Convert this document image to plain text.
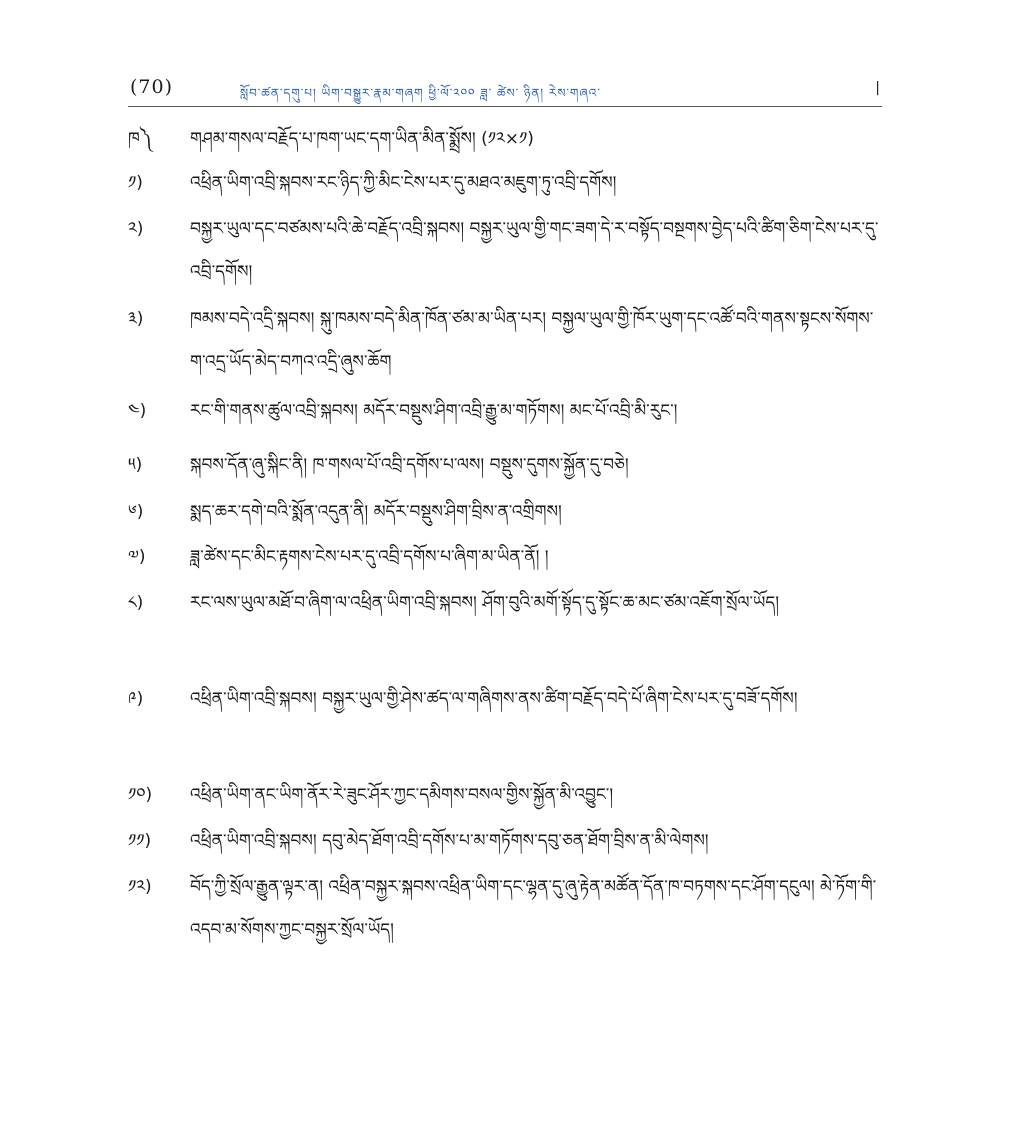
(70)	སློབ་ཚན་དགུ་པ། ཡིག་བསྒྱུར་རྣམ་གཞག ཕྱི་ལོ་༢༠༠ ཟླ་ ཚེས་ ཉིན། རེས་གཞའ་	|
ཁ༽	གཤམ་གསལ་བརྗོད་པ་ཁག་ཡང་དག་ཡིན་མིན་སྨྲོས། (༡༢×༡)
༡)	འཕྲིན་ཡིག་འབྲི་སྐབས་རང་ཉིད་ཀྱི་མིང་ངེས་པར་དུ་མཐའ་མཇུག་ཏུ་འབྲི་དགོས།
༢)	བསྐྱར་ཡུལ་དང་བཙམས་པའི་ཆེ་བརྗོད་འབྲི་སྐབས། བསྐྱར་ཡུལ་གྱི་གང་ཟག་དེ་ར་བསྟོད་བསྔགས་བྱེད་པའི་ཚིག་ཅིག་ངེས་པར་དུ་འབྲི་དགོས།
༣)	ཁམས་བདེ་འདྲི་སྐབས། སྐུ་ཁམས་བདེ་མིན་ཁོན་ཙམ་མ་ཡིན་པར། བསྐྱལ་ཡུལ་གྱི་ཁོར་ཡུག་དང་འཚོ་བའི་གནས་སྟངས་སོགས་ག་འདྲ་ཡོད་མེད་བཀའ་འདྲི་ཞུས་ཆོག
༤)	རང་གི་གནས་ཚུལ་འབྲི་སྐབས། མདོར་བསྡུས་ཤིག་འབྲི་རྒྱུ་མ་གཏོགས། མང་པོ་འབྲི་མི་རུང་།
༥)	སྐབས་དོན་ཞུ་སྐིང་ནི། ཁ་གསལ་པོ་འབྲི་དགོས་པ་ལས། བསྡུས་དུགས་སྐྱོན་དུ་བཅེ།
༦)	སྨད་ཆར་དགེ་བའི་སྨོན་འདུན་ནི། མདོར་བསྡུས་ཤིག་བྲིས་ན་འགྲིགས།
༧)	ཟླ་ཚེས་དང་མིང་རྟགས་ངེས་པར་དུ་འབྲི་དགོས་པ་ཞིག་མ་ཡིན་ནོ། །
༨)	རང་ལས་ཡུལ་མཐོ་བ་ཞིག་ལ་འཕྲིན་ཡིག་འབྲི་སྐབས། ཤོག་བུའི་མགོ་སྟོད་དུ་སྟོང་ཆ་མང་ཙམ་འཇོག་སྲོལ་ཡོད།
༩)	འཕྲིན་ཡིག་འབྲི་སྐབས། བསྐྱར་ཡུལ་གྱི་ཤེས་ཚད་ལ་གཞིགས་ནས་ཚིག་བརྗོད་བདེ་པོ་ཞིག་ངེས་པར་དུ་བཟོ་དགོས།
༡༠)	འཕྲིན་ཡིག་ནང་ཡིག་ནོར་རེ་ཟུང་ཤོར་ཀྱང་དམིགས་བསལ་གྱིས་སྐྱོན་མི་འབྱུང་།
༡༡)	འཕྲིན་ཡིག་འབྲི་སྐབས། དབུ་མེད་ཐོག་འབྲི་དགོས་པ་མ་གཏོགས་དབུ་ཅན་ཐོག་བྲིས་ན་མི་ལེགས།
༡༢)	བོད་ཀྱི་སྲོལ་རྒྱུན་ལྟར་ན། འཕྲིན་བསྐྱར་སྐབས་འཕྲིན་ཡིག་དང་ལྷན་དུ་ཞུ་རྟེན་མཚོན་དོན་ཁ་བཏགས་དང་ཤོག་དངུལ། མེ་ཏོག་གི་འདབ་མ་སོགས་ཀྱང་བསྐྱར་སྲོལ་ཡོད།
